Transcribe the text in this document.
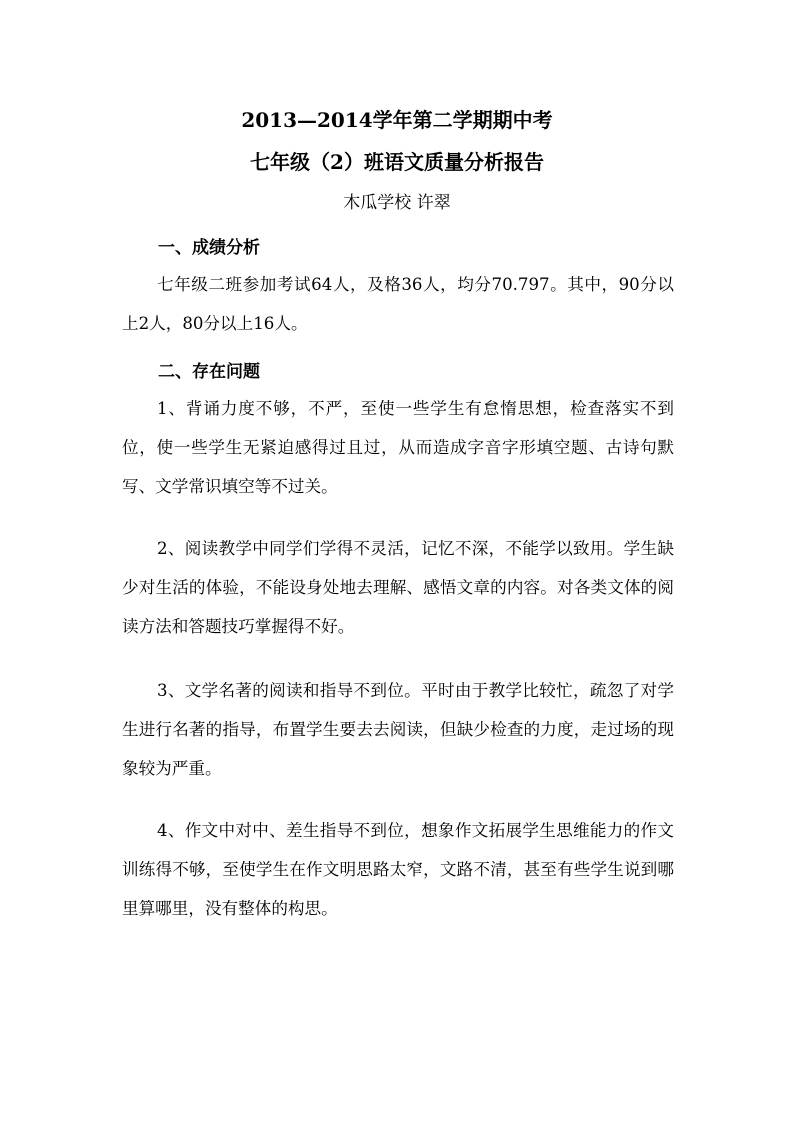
2013—2014学年第二学期期中考
七年级（2）班语文质量分析报告
木瓜学校 许翠
一、成绩分析

七年级二班参加考试64人，及格36人，均分70.797。其中，90分以上2人，80分以上16人。

二、存在问题

1、背诵力度不够，不严，至使一些学生有怠惰思想，检查落实不到位，使一些学生无紧迫感得过且过，从而造成字音字形填空题、古诗句默写、文学常识填空等不过关。

2、阅读教学中同学们学得不灵活，记忆不深，不能学以致用。学生缺少对生活的体验，不能设身处地去理解、感悟文章的内容。对各类文体的阅读方法和答题技巧掌握得不好。

3、文学名著的阅读和指导不到位。平时由于教学比较忙，疏忽了对学生进行名著的指导，布置学生要去去阅读，但缺少检查的力度，走过场的现象较为严重。

4、作文中对中、差生指导不到位，想象作文拓展学生思维能力的作文训练得不够，至使学生在作文明思路太窄，文路不清，甚至有些学生说到哪里算哪里，没有整体的构思。
